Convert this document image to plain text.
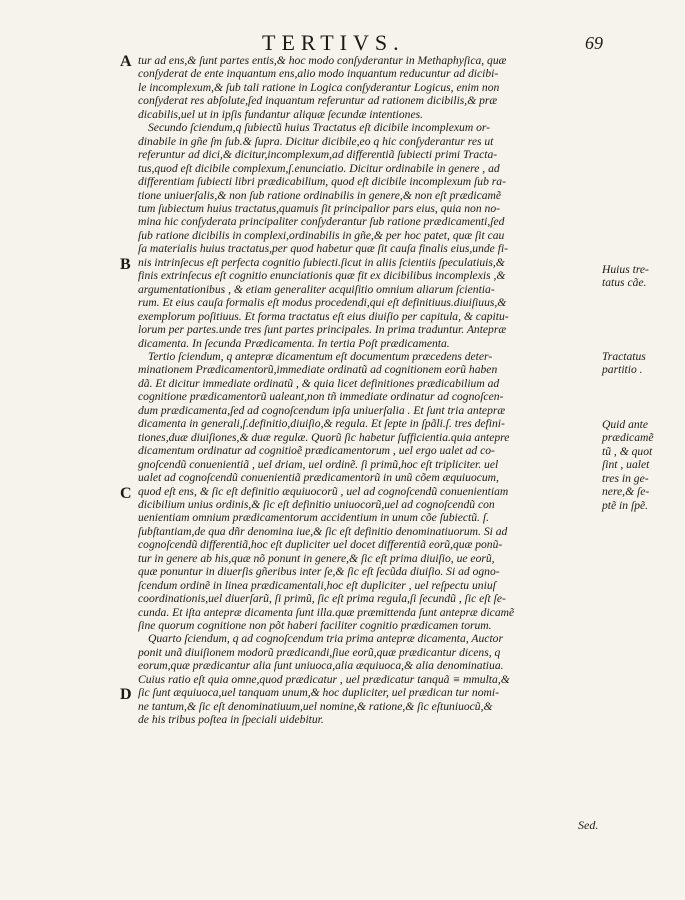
TERTIVS.	69
A
B
C
D
tur ad ens,& ſunt partes entis,& hoc modo conſyderantur in Methaphyſica, quæ
conſyderat de ente inquantum ens,alio modo inquantum reducuntur ad dicibi-
le incomplexum,& ſub tali ratione in Logica conſyderantur Logicus, enim non
conſyderat res abſolute,ſed inquantum referuntur ad rationem dicibilis,& præ
dicabilis,uel ut in ipſis fundantur aliquæ ſecundæ intentiones.
Secundo ſciendum,q ſubiectũ huius Tractatus eſt dicibile incomplexum or-
dinabile in gñe ſm ſub.& ſupra. Dicitur dicibile,eo q hic conſyderantur res ut
referuntur ad dici,& dicitur,incomplexum,ad differentiã ſubiecti primi Tracta-
tus,quod eſt dicibile complexum,ſ.enunciatio. Dicitur ordinabile in genere , ad
differentiam ſubiecti libri prædicabilium, quod eſt dicibile incomplexum ſub ra-
tione uniuerſalis,& non ſub ratione ordinabilis in genere,& non eſt prædicamẽ
tum ſubiectum huius tractatus,quamuis ſit principalior pars eius, quia non no-
mina hic conſyderata principaliter conſyderantur ſub ratione prædicamenti,ſed
ſub ratione dicibilis in complexi,ordinabilis in gñe,& per hoc patet, quæ ſit cau
ſa materialis huius tractatus,per quod habetur quæ ſit cauſa finalis eius,unde fi-
nis intrinſecus eſt perfecta cognitio ſubiecti.ſicut in aliis ſcientiis ſpeculatiuis,&
finis extrinſecus eſt cognitio enunciationis quæ fit ex dicibilibus incomplexis ,&
argumentationibus , & etiam generaliter acquiſitio omnium aliarum ſcientia-
rum. Et eius cauſa formalis eſt modus procedendi,qui eſt definitiuus.diuiſiuus,&
exemplorum poſitiuus. Et forma tractatus eſt eius diuiſio per capitula, & capitu-
lorum per partes.unde tres ſunt partes principales. In prima traduntur. Antepræ
dicamenta. In ſecunda Prædicamenta. In tertia Poſt prædicamenta.
Tertio ſciendum, q antepræ dicamentum eſt documentum præcedens deter-
minationem Prædicamentorũ,immediate ordinatũ ad cognitionem eorũ haben
dã. Et dicitur immediate ordinatũ , & quia licet definitiones prædicabilium ad
cognitione prædicamentorũ ualeant,non tñ immediate ordinatur ad cognoſcen-
dum prædicamenta,ſed ad cognoſcendum ipſa uniuerſalia . Et ſunt tria antepræ
dicamenta in generali,ſ.definitio,diuiſio,& regula. Et ſepte in ſpãli.ſ. tres defini-
tiones,duæ diuiſiones,& duæ regulæ. Quorũ ſic habetur ſufficientia.quia antepre
dicamentum ordinatur ad cognitioẽ prædicamentorum , uel ergo ualet ad co-
gnoſcendũ conuenientiã , uel driam, uel ordinẽ. ſi primũ,hoc eſt tripliciter. uel
ualet ad cognoſcendũ conuenientiã prædicamentorũ in unũ cõem æquiuocum,
quod eſt ens, & ſic eſt definitio æquiuocorũ , uel ad cognoſcendũ conuenientiam
dicibilium unius ordinis,& ſic eſt definitio uniuocorũ,uel ad cognoſcendũ con
uenientiam omnium prædicamentorum accidentium in unum cõe ſubiectũ. ſ.
ſubſtantiam,de qua dñr denomina iue,& ſic eſt definitio denominatiuorum. Si ad
cognoſcendũ differentiã,hoc eſt dupliciter uel docet differentiã eorũ,quæ ponũ-
tur in genere ab his,quæ nõ ponunt in genere,& ſic eſt prima diuiſio, ue eorũ,
quæ ponuntur in diuerſis gñeribus inter ſe,& ſic eſt ſecũda diuiſio. Si ad ogno-
ſcendum ordinẽ in linea prædicamentali,hoc eſt dupliciter , uel reſpectu uniuſ
coordinationis,uel diuerſarũ, ſi primũ, ſic eſt prima regula,ſi ſecundũ , ſic eſt ſe-
cunda. Et iſta antepræ dicamenta ſunt illa.quæ præmittenda ſunt antepræ dicamẽ
ſine quorum cognitione non põt haberi faciliter cognitio prædicamen torum.
Quarto ſciendum, q ad cognoſcendum tria prima antepræ dicamenta, Auctor
ponit unã diuiſionem modorũ prædicandi,ſiue eorũ,quæ prædicantur dicens, q
eorum,quæ prædicantur alia ſunt uniuoca,alia æquiuoca,& alia denominatiua.
Cuius ratio eſt quia omne,quod prædicatur , uel prædicatur tanquã ≡ mmulta,&
ſic ſunt æquiuoca,uel tanquam unum,& hoc dupliciter, uel prædican tur nomi-
ne tantum,& ſic eſt denominatiuum,uel nomine,& ratione,& ſic eſtuniuocũ,&
de his tribus poſtea in ſpeciali uidebitur.
Huius tre-
tatus cãe.
Tractatus
partitio .
Quid ante
prædicamẽ
tũ , & quot
ſint , ualet
tres in ge-
nere,& ſe-
ptẽ in ſpẽ.
Sed.
